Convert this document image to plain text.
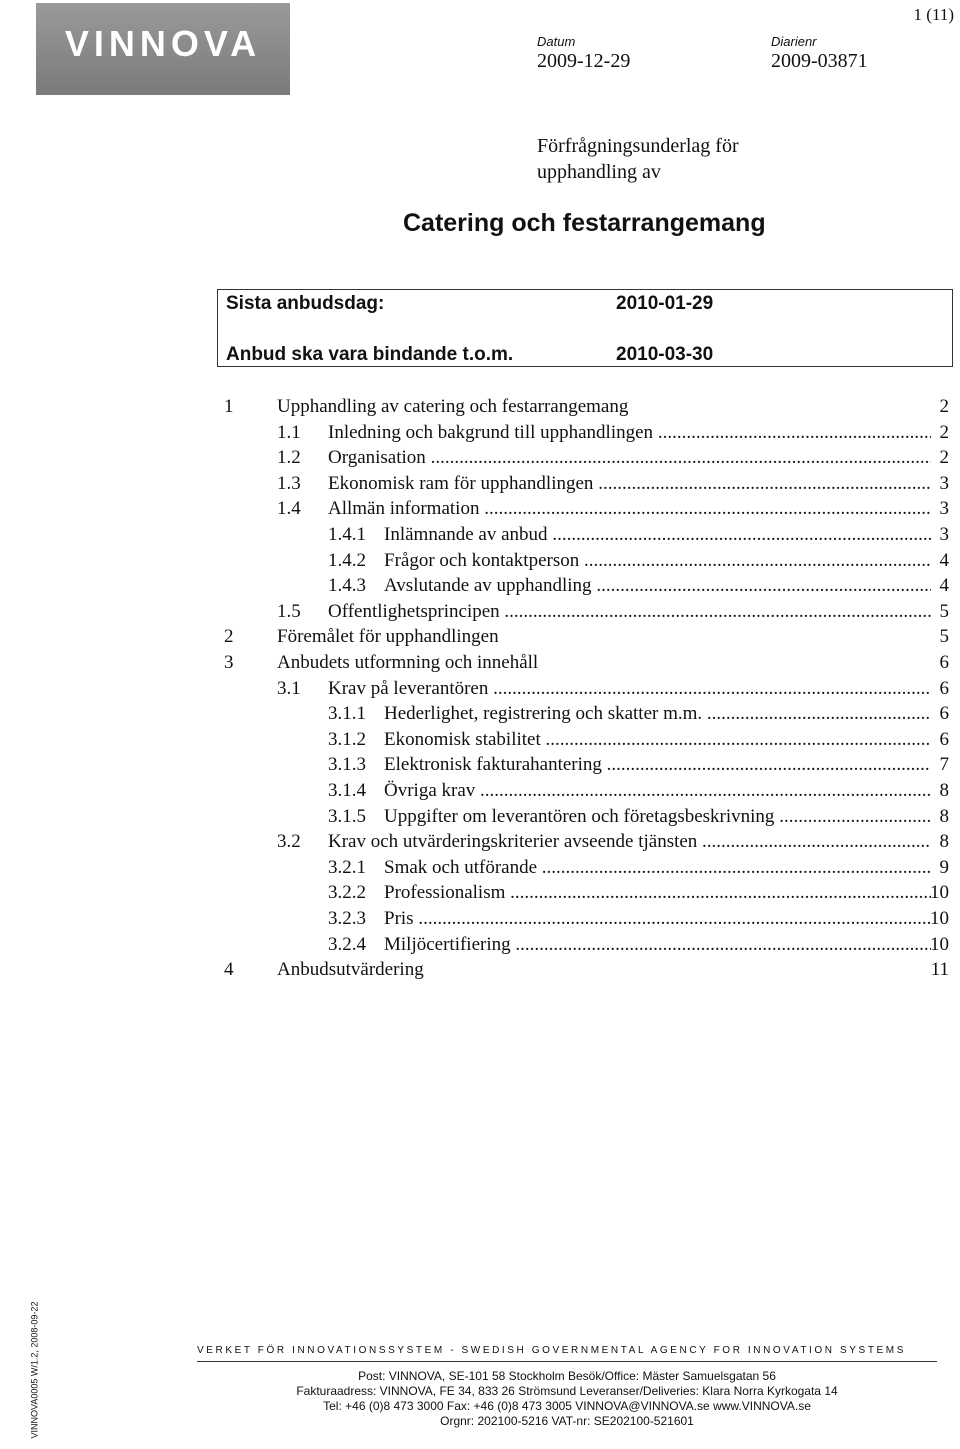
VINNOVA
1 (11)
Datum
2009-12-29
Diarienr
2009-03871
Förfrågningsunderlag för
upphandling av
Catering och festarrangemang
Sista anbudsdag:	2010-01-29
Anbud ska vara bindande t.o.m.	2010-03-30
1 Upphandling av catering och festarrangemang	2
1.1 Inledning och bakgrund till upphandlingen .....	2
1.2 Organisation .....	2
1.3 Ekonomisk ram för upphandlingen .....	3
1.4 Allmän information .....	3
1.4.1 Inlämnande av anbud .....	3
1.4.2 Frågor och kontaktperson .....	4
1.4.3 Avslutande av upphandling .....	4
1.5 Offentlighetsprincipen .....	5
2 Föremålet för upphandlingen	5
3 Anbudets utformning och innehåll	6
3.1 Krav på leverantören .....	6
3.1.1 Hederlighet, registrering och skatter m.m. .....	6
3.1.2 Ekonomisk stabilitet .....	6
3.1.3 Elektronisk fakturahantering .....	7
3.1.4 Övriga krav .....	8
3.1.5 Uppgifter om leverantören och företagsbeskrivning .....	8
3.2 Krav och utvärderingskriterier avseende tjänsten .....	8
3.2.1 Smak och utförande .....	9
3.2.2 Professionalism .....	10
3.2.3 Pris .....	10
3.2.4 Miljöcertifiering .....	10
4 Anbudsutvärdering	11
VINNOVA0005 W/1.2, 2008-09-22	VERKET FÖR INNOVATIONSSYSTEM - SWEDISH GOVERNMENTAL AGENCY FOR INNOVATION SYSTEMS
Post: VINNOVA, SE-101 58 Stockholm Besök/Office: Mäster Samuelsgatan 56
Fakturaadress: VINNOVA, FE 34, 833 26 Strömsund Leveranser/Deliveries: Klara Norra Kyrkogata 14
Tel: +46 (0)8 473 3000 Fax: +46 (0)8 473 3005 VINNOVA@VINNOVA.se www.VINNOVA.se
Orgnr: 202100-5216 VAT-nr: SE202100-521601
